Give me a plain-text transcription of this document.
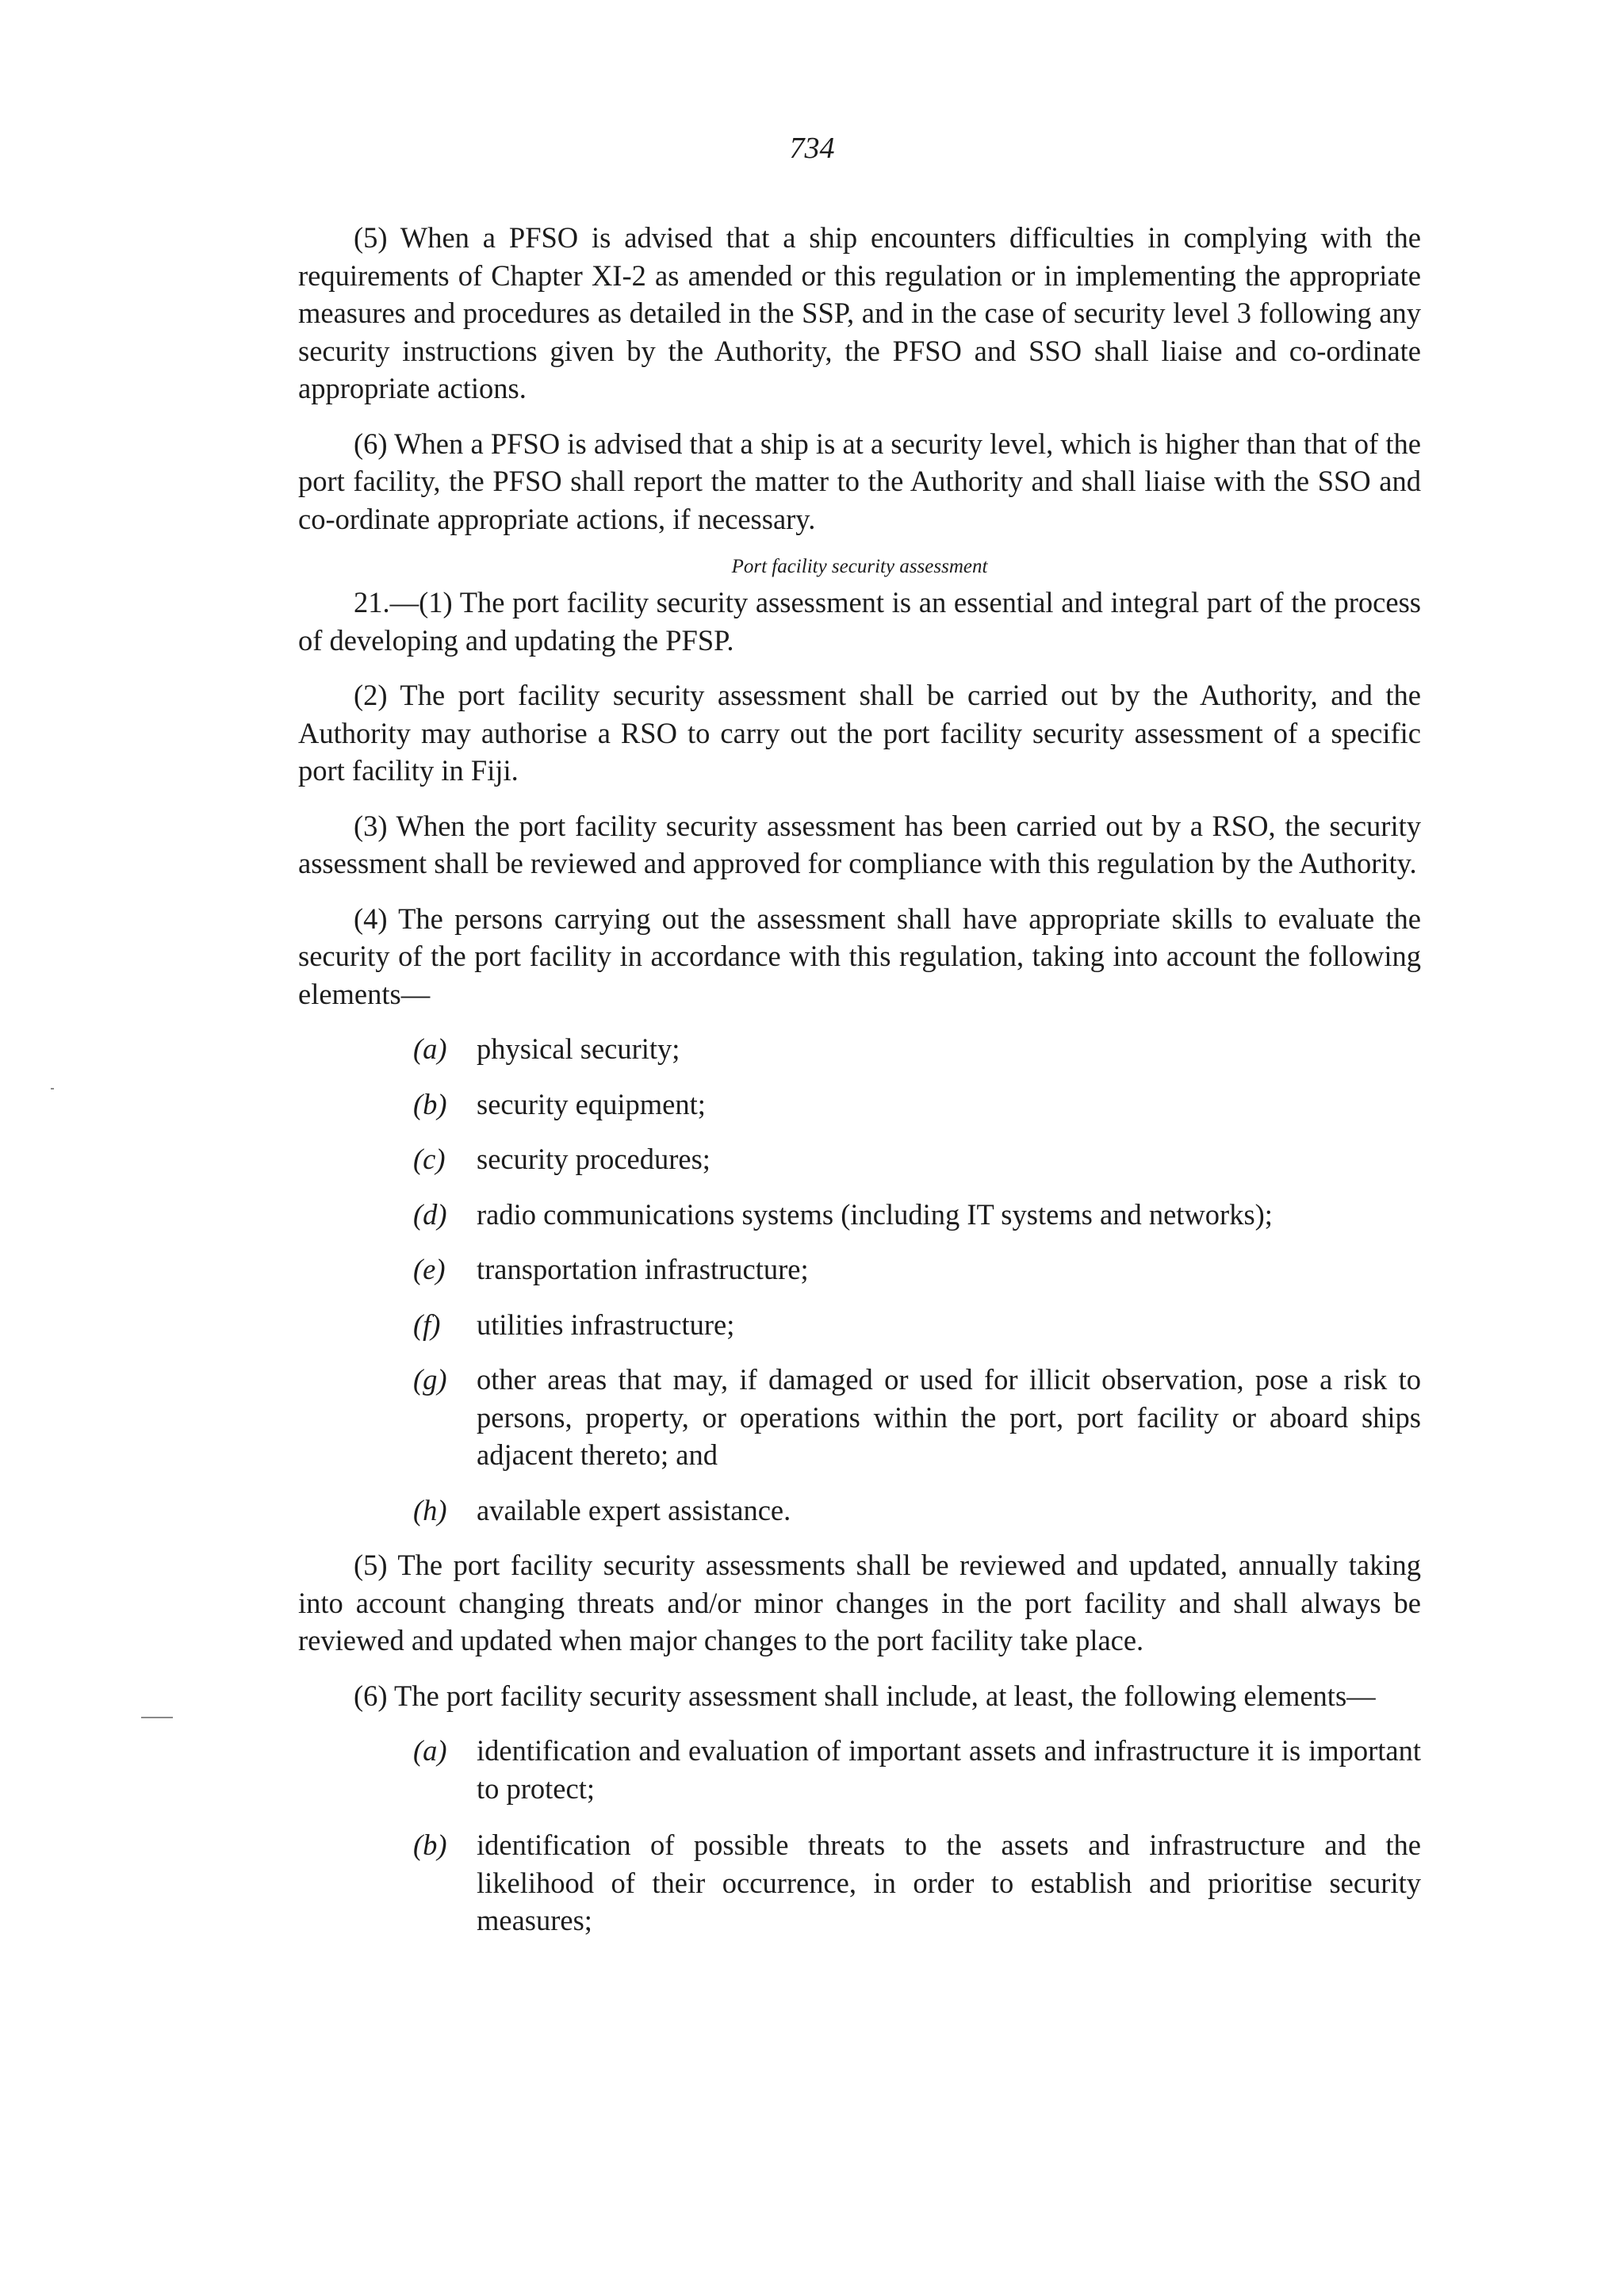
734

(5) When a PFSO is advised that a ship encounters difficulties in complying with the requirements of Chapter XI-2 as amended or this regulation or in implementing the appropriate measures and procedures as detailed in the SSP, and in the case of security level 3 following any security instructions given by the Authority, the PFSO and SSO shall liaise and co-ordinate appropriate actions.

(6) When a PFSO is advised that a ship is at a security level, which is higher than that of the port facility, the PFSO shall report the matter to the Authority and shall liaise with the SSO and co-ordinate appropriate actions, if necessary.

Port facility security assessment

21.—(1) The port facility security assessment is an essential and integral part of the process of developing and updating the PFSP.

(2) The port facility security assessment shall be carried out by the Authority, and the Authority may authorise a RSO to carry out the port facility security assessment of a specific port facility in Fiji.

(3) When the port facility security assessment has been carried out by a RSO, the security assessment shall be reviewed and approved for compliance with this regulation by the Authority.

(4) The persons carrying out the assessment shall have appropriate skills to evaluate the security of the port facility in accordance with this regulation, taking into account the following elements—

(a)	physical security;
(b)	security equipment;
(c)	security procedures;
(d)	radio communications systems (including IT systems and networks);
(e)	transportation infrastructure;
(f)	utilities infrastructure;
(g)	other areas that may, if damaged or used for illicit observation, pose a risk to persons, property, or operations within the port, port facility or aboard ships adjacent thereto; and
(h)	available expert assistance.

(5) The port facility security assessments shall be reviewed and updated, annually taking into account changing threats and/or minor changes in the port facility and shall always be reviewed and updated when major changes to the port facility take place.

(6) The port facility security assessment shall include, at least, the following elements—

(a)	identification and evaluation of important assets and infrastructure it is important to protect;
(b)	identification of possible threats to the assets and infrastructure and the likelihood of their occurrence, in order to establish and prioritise security measures;
